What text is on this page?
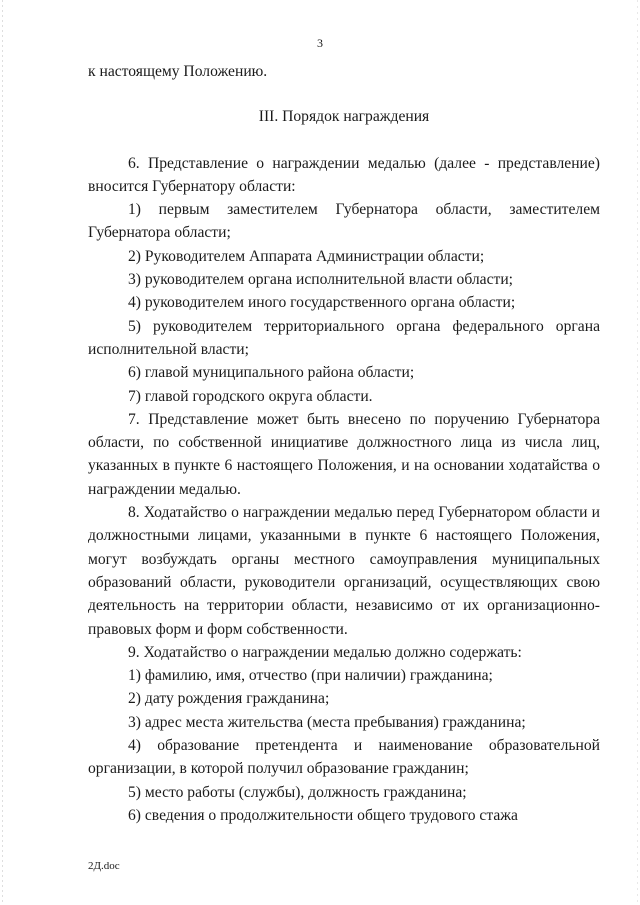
3

к настоящему Положению.

III. Порядок награждения

6. Представление о награждении медалью (далее - представление) вносится Губернатору области:

1) первым заместителем Губернатора области, заместителем Губернатора области;

2) Руководителем Аппарата Администрации области;

3) руководителем органа исполнительной власти области;

4) руководителем иного государственного органа области;

5) руководителем территориального органа федерального органа исполнительной власти;

6) главой муниципального района области;

7) главой городского округа области.

7. Представление может быть внесено по поручению Губернатора области, по собственной инициативе должностного лица из числа лиц, указанных в пункте 6 настоящего Положения, и на основании ходатайства о награждении медалью.

8. Ходатайство о награждении медалью перед Губернатором области и должностными лицами, указанными в пункте 6 настоящего Положения, могут возбуждать органы местного самоуправления муниципальных образований области, руководители организаций, осуществляющих свою деятельность на территории области, независимо от их организационно-правовых форм и форм собственности.

9. Ходатайство о награждении медалью должно содержать:

1) фамилию, имя, отчество (при наличии) гражданина;

2) дату рождения гражданина;

3) адрес места жительства (места пребывания) гражданина;

4) образование претендента и наименование образовательной организации, в которой получил образование гражданин;

5) место работы (службы), должность гражданина;

6) сведения о продолжительности общего трудового стажа

2Д.doc
